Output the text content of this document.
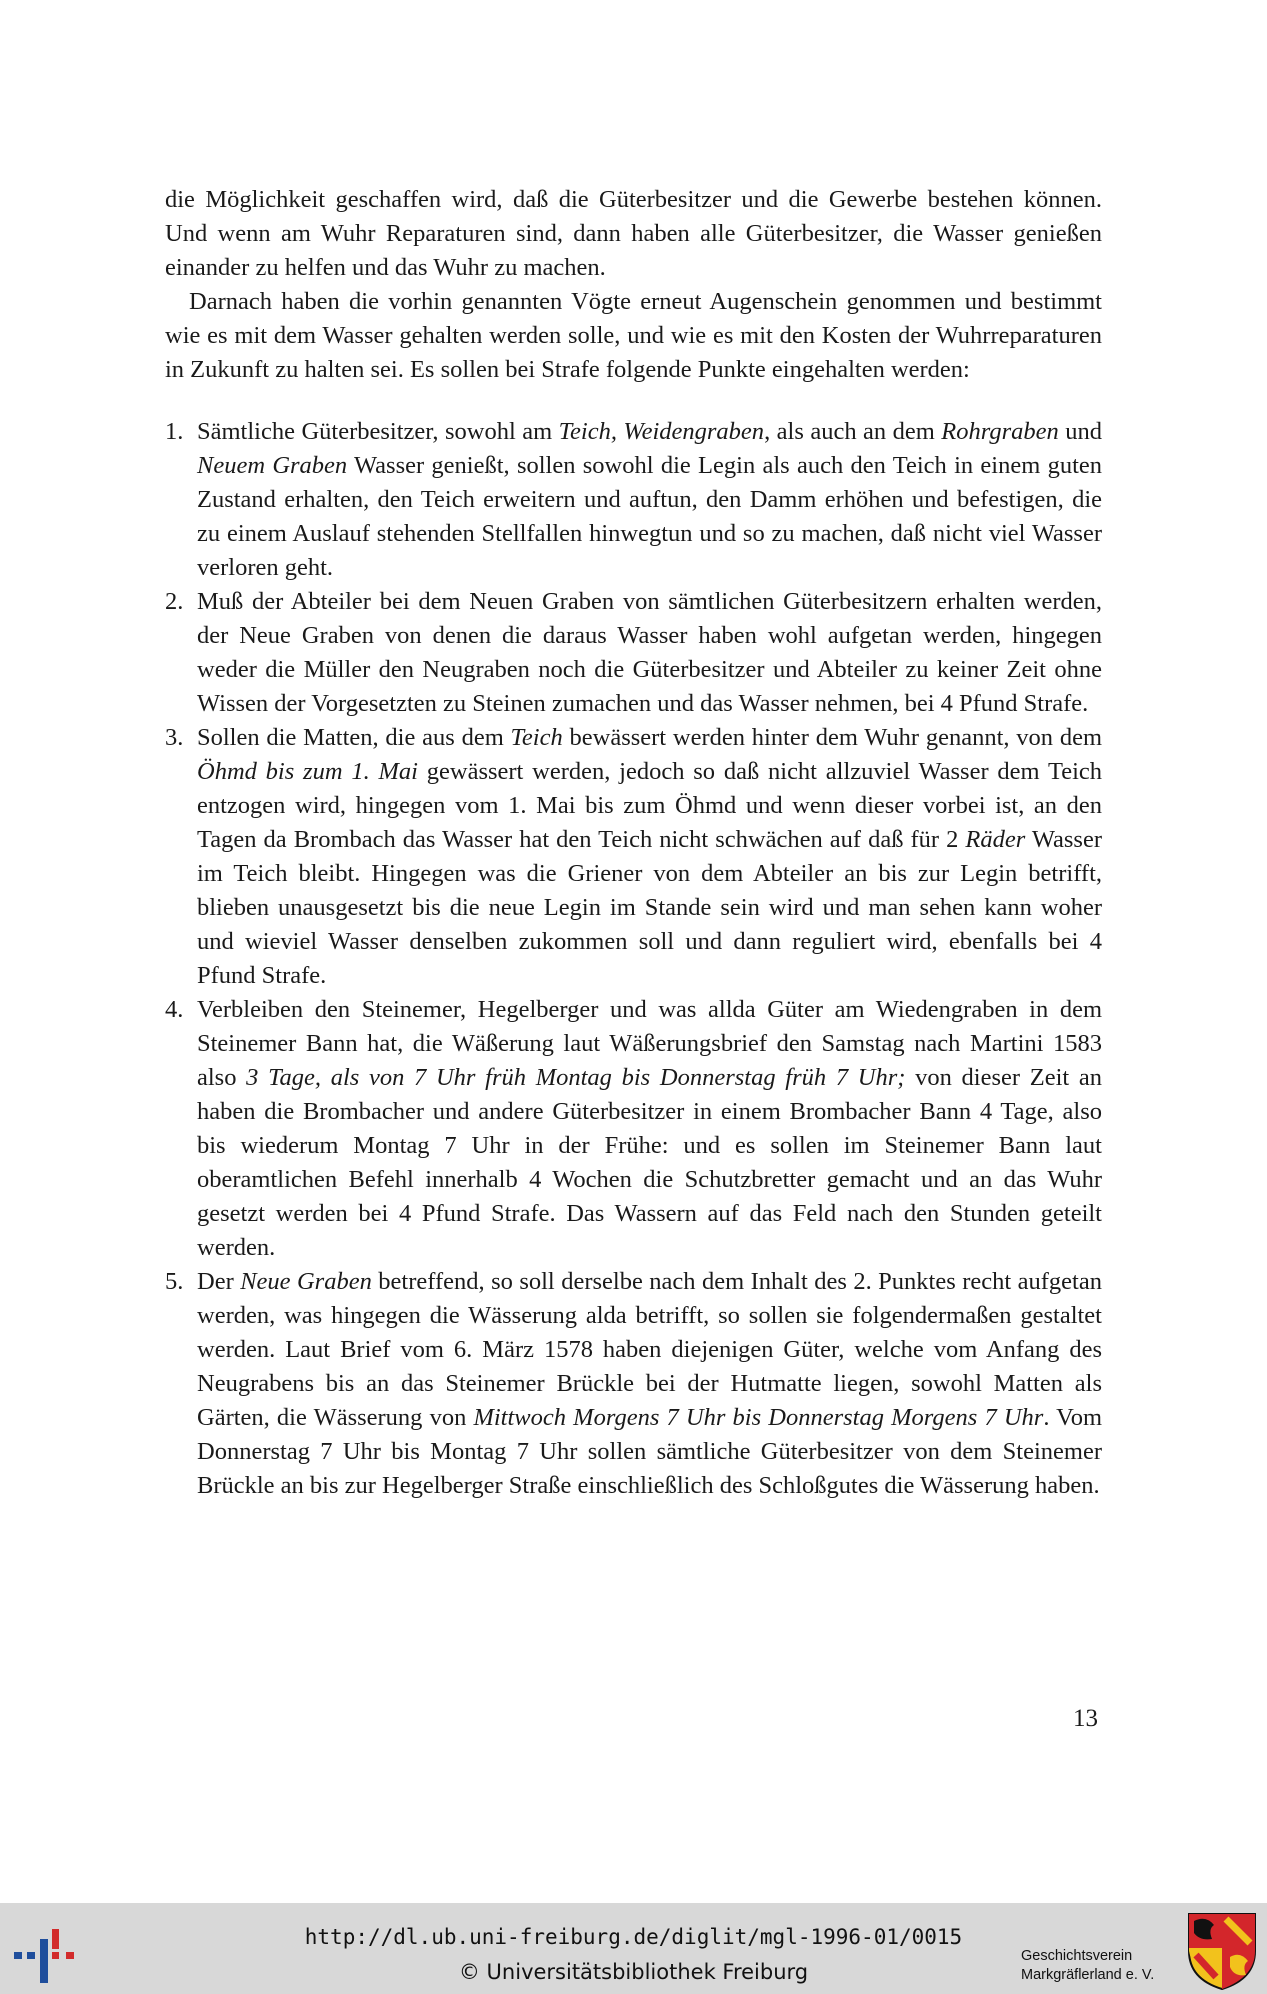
die Möglichkeit geschaffen wird, daß die Güterbesitzer und die Gewerbe bestehen können. Und wenn am Wuhr Reparaturen sind, dann haben alle Güterbesitzer, die Wasser genießen einander zu helfen und das Wuhr zu machen.

Darnach haben die vorhin genannten Vögte erneut Augenschein genommen und bestimmt wie es mit dem Wasser gehalten werden solle, und wie es mit den Kosten der Wuhrreparaturen in Zukunft zu halten sei. Es sollen bei Strafe folgende Punkte eingehalten werden:

1. Sämtliche Güterbesitzer, sowohl am Teich, Weidengraben, als auch an dem Rohrgraben und Neuem Graben Wasser genießt, sollen sowohl die Legin als auch den Teich in einem guten Zustand erhalten, den Teich erweitern und auftun, den Damm erhöhen und befestigen, die zu einem Auslauf stehenden Stellfallen hinwegtun und so zu machen, daß nicht viel Wasser verloren geht.
2. Muß der Abteiler bei dem Neuen Graben von sämtlichen Güterbesitzern erhalten werden, der Neue Graben von denen die daraus Wasser haben wohl aufgetan werden, hingegen weder die Müller den Neugraben noch die Güterbesitzer und Abteiler zu keiner Zeit ohne Wissen der Vorgesetzten zu Steinen zumachen und das Wasser nehmen, bei 4 Pfund Strafe.
3. Sollen die Matten, die aus dem Teich bewässert werden hinter dem Wuhr genannt, von dem Öhmd bis zum 1. Mai gewässert werden, jedoch so daß nicht allzuviel Wasser dem Teich entzogen wird, hingegen vom 1. Mai bis zum Öhmd und wenn dieser vorbei ist, an den Tagen da Brombach das Wasser hat den Teich nicht schwächen auf daß für 2 Räder Wasser im Teich bleibt. Hingegen was die Griener von dem Abteiler an bis zur Legin betrifft, blieben unausgesetzt bis die neue Legin im Stande sein wird und man sehen kann woher und wieviel Wasser denselben zukommen soll und dann reguliert wird, ebenfalls bei 4 Pfund Strafe.
4. Verbleiben den Steinemer, Hegelberger und was allda Güter am Wiedengraben in dem Steinemer Bann hat, die Wäßerung laut Wäßerungsbrief den Samstag nach Martini 1583 also 3 Tage, als von 7 Uhr früh Montag bis Donnerstag früh 7 Uhr; von dieser Zeit an haben die Brombacher und andere Güterbesitzer in einem Brombacher Bann 4 Tage, also bis wiederum Montag 7 Uhr in der Frühe: und es sollen im Steinemer Bann laut oberamtlichen Befehl innerhalb 4 Wochen die Schutzbretter gemacht und an das Wuhr gesetzt werden bei 4 Pfund Strafe. Das Wassern auf das Feld nach den Stunden geteilt werden.
5. Der Neue Graben betreffend, so soll derselbe nach dem Inhalt des 2. Punktes recht aufgetan werden, was hingegen die Wässerung alda betrifft, so sollen sie folgendermaßen gestaltet werden. Laut Brief vom 6. März 1578 haben diejenigen Güter, welche vom Anfang des Neugrabens bis an das Steinemer Brückle bei der Hutmatte liegen, sowohl Matten als Gärten, die Wässerung von Mittwoch Morgens 7 Uhr bis Donnerstag Morgens 7 Uhr. Vom Donnerstag 7 Uhr bis Montag 7 Uhr sollen sämtliche Güterbesitzer von dem Steinemer Brückle an bis zur Hegelberger Straße einschließlich des Schloßgutes die Wässerung haben.
13
http://dl.ub.uni-freiburg.de/diglit/mgl-1996-01/0015
© Universitätsbibliothek Freiburg
Geschichtsverein
Markgräflerland e. V.
